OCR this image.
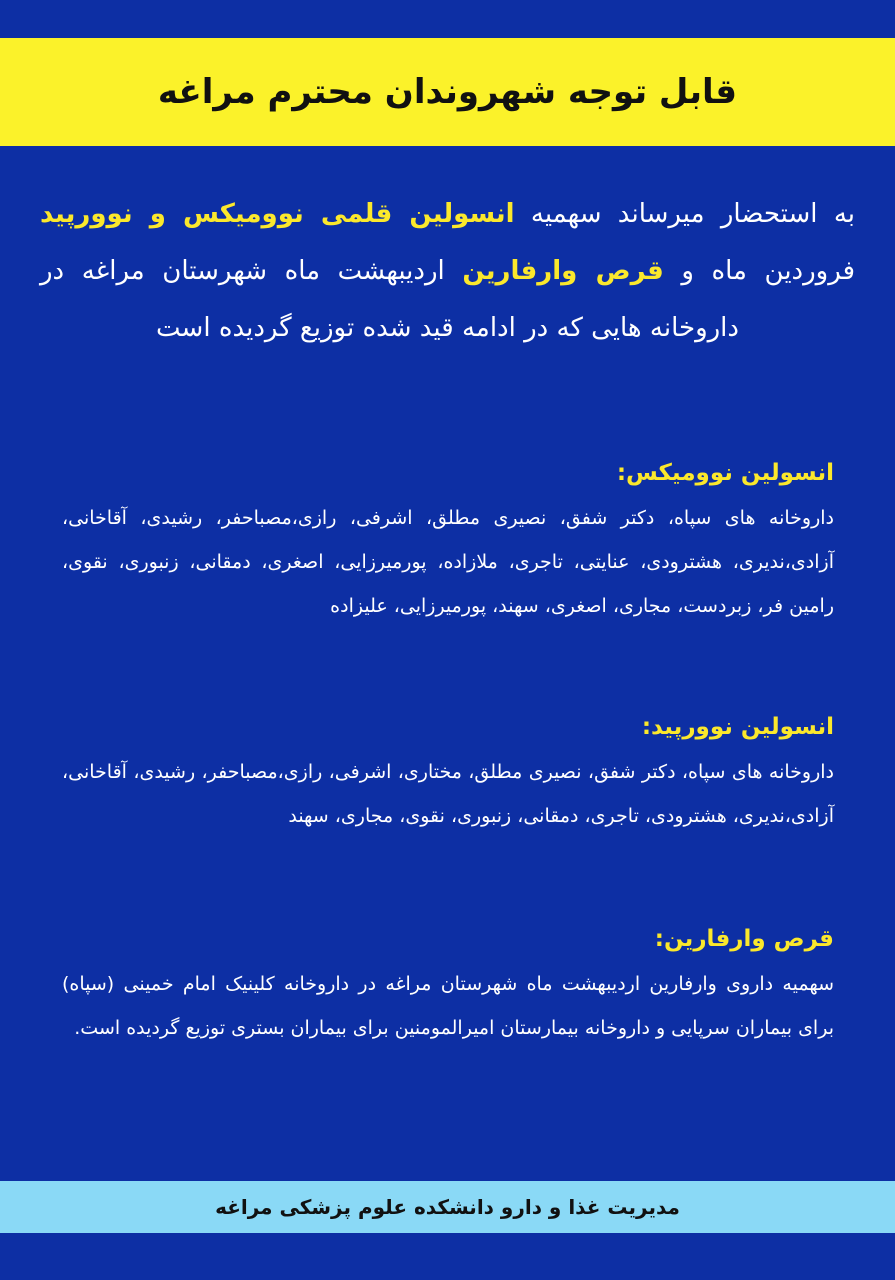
قابل توجه شهروندان محترم مراغه

به استحضار میرساند سهمیه انسولین قلمی نوومیکس و نوورپید فروردین ماه و قرص وارفارین اردیبهشت ماه شهرستان مراغه در داروخانه هایی که در ادامه قید شده توزیع گردیده است

انسولین نوومیکس:

داروخانه های سپاه، دکتر شفق، نصیری مطلق، اشرفی، رازی،مصباحفر، رشیدی، آقاخانی، آزادی،ندیری، هشترودی، عنایتی، تاجری، ملازاده، پورمیرزایی، اصغری، دمقانی، زنبوری، نقوی، رامین فر، زبردست، مجاری، اصغری، سهند، پورمیرزایی، علیزاده

انسولین نوورپید:

داروخانه های سپاه، دکتر شفق، نصیری مطلق، مختاری، اشرفی، رازی،مصباحفر، رشیدی، آقاخانی، آزادی،ندیری، هشترودی، تاجری، دمقانی، زنبوری، نقوی، مجاری، سهند

قرص وارفارین:

سهمیه داروی وارفارین اردیبهشت ماه شهرستان مراغه در داروخانه کلینیک امام خمینی (سپاه) برای بیماران سرپایی و داروخانه بیمارستان امیرالمومنین برای بیماران بستری توزیع گردیده است.

مدیریت غذا و دارو دانشکده علوم پزشکی مراغه
